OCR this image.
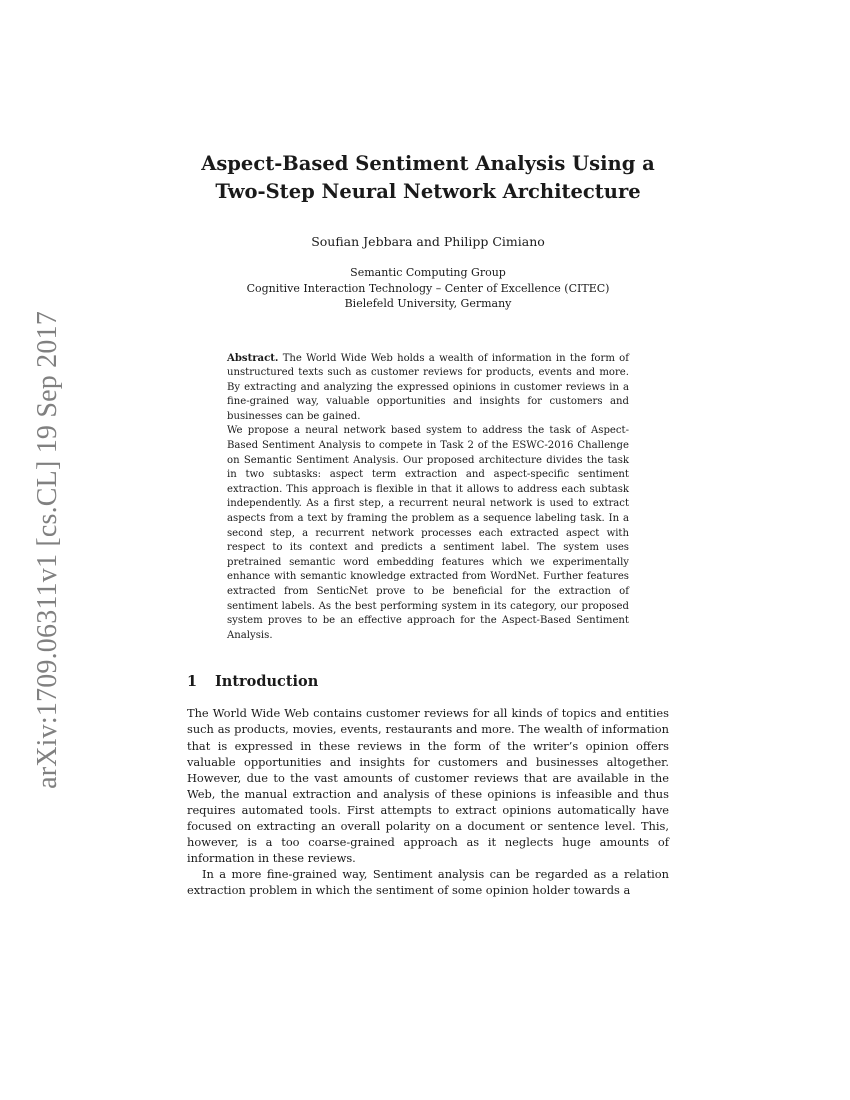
arXiv:1709.06311v1 [cs.CL] 19 Sep 2017
Aspect-Based Sentiment Analysis Using a
Two-Step Neural Network Architecture
Soufian Jebbara and Philipp Cimiano
Semantic Computing Group
Cognitive Interaction Technology – Center of Excellence (CITEC)
Bielefeld University, Germany

Abstract. The World Wide Web holds a wealth of information in the form of unstructured texts such as customer reviews for products, events and more. By extracting and analyzing the expressed opinions in customer reviews in a fine-grained way, valuable opportunities and insights for customers and businesses can be gained.

We propose a neural network based system to address the task of Aspect-Based Sentiment Analysis to compete in Task 2 of the ESWC-2016 Challenge on Semantic Sentiment Analysis. Our proposed architecture divides the task in two subtasks: aspect term extraction and aspect-specific sentiment extraction. This approach is flexible in that it allows to address each subtask independently. As a first step, a recurrent neural network is used to extract aspects from a text by framing the problem as a sequence labeling task. In a second step, a recurrent network processes each extracted aspect with respect to its context and predicts a sentiment label. The system uses pretrained semantic word embedding features which we experimentally enhance with semantic knowledge extracted from WordNet. Further features extracted from SenticNet prove to be beneficial for the extraction of sentiment labels. As the best performing system in its category, our proposed system proves to be an effective approach for the Aspect-Based Sentiment Analysis.

1	Introduction

The World Wide Web contains customer reviews for all kinds of topics and entities such as products, movies, events, restaurants and more. The wealth of information that is expressed in these reviews in the form of the writer’s opinion offers valuable opportunities and insights for customers and businesses altogether. However, due to the vast amounts of customer reviews that are available in the Web, the manual extraction and analysis of these opinions is infeasible and thus requires automated tools. First attempts to extract opinions automatically have focused on extracting an overall polarity on a document or sentence level. This, however, is a too coarse-grained approach as it neglects huge amounts of information in these reviews.

In a more fine-grained way, Sentiment analysis can be regarded as a relation extraction problem in which the sentiment of some opinion holder towards a
